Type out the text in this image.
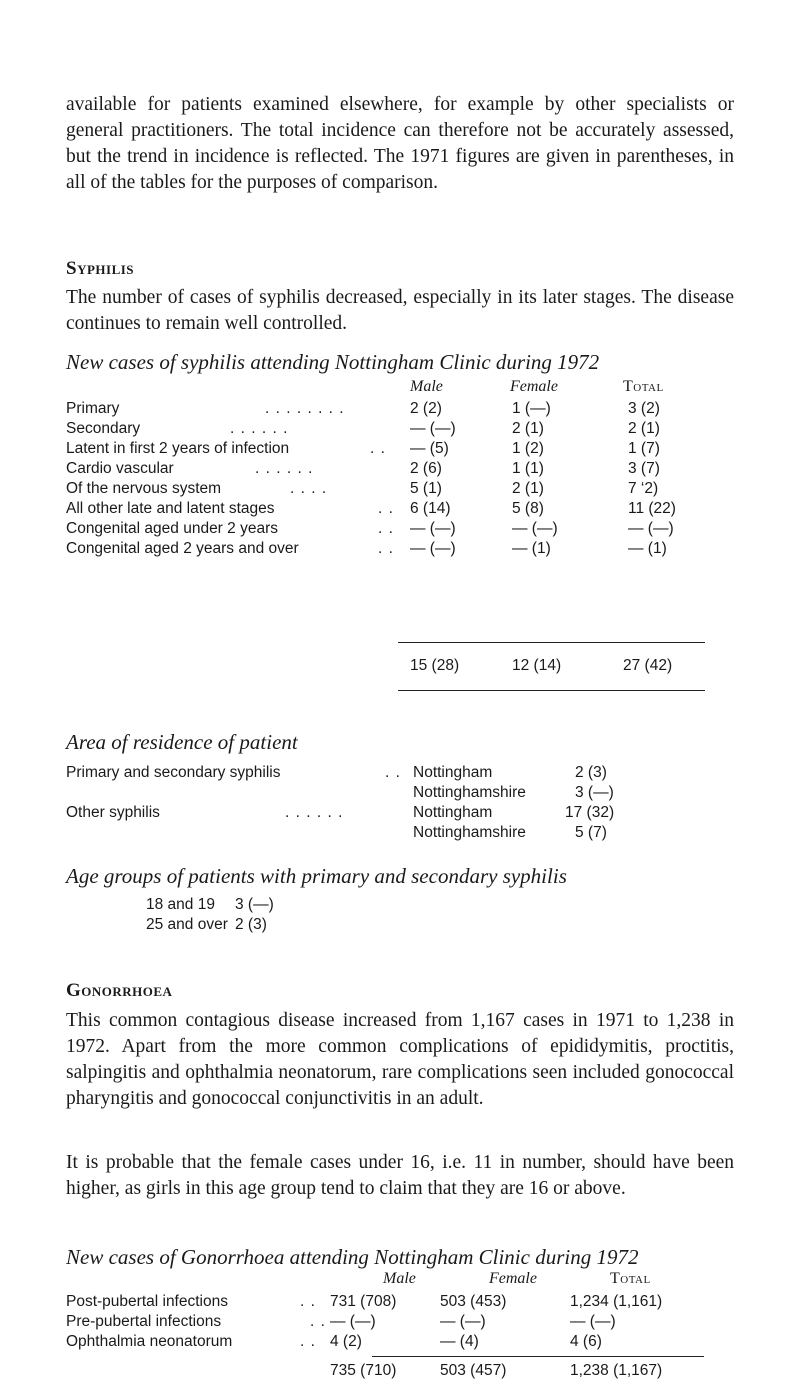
available for patients examined elsewhere, for example by other specialists or general practitioners. The total incidence can therefore not be accurately assessed, but the trend in incidence is reflected. The 1971 figures are given in parentheses, in all of the tables for the purposes of comparison.

Syphilis

The number of cases of syphilis decreased, especially in its later stages. The disease continues to remain well controlled.

New cases of syphilis attending Nottingham Clinic during 1972

Male	Female	Total
Primary	. . . . . . . .	2 (2)	1 (—)	3 (2)
Secondary	. . . . . .	— (—)	2 (1)	2 (1)
Latent in first 2 years of infection	. . — (5)	1 (2)	1 (7)
Cardio vascular	. . . . . .	2 (6)	1 (1)	3 (7)
Of the nervous system	. . . .	5 (1)	2 (1)	7 ‘2)
All other late and latent stages	. . 6 (14)	5 (8)	11 (22)
Congenital aged under 2 years	. . — (—)	— (—)	— (—)
Congenital aged 2 years and over	. . — (—)	— (1)	— (1)
15 (28)	12 (14)	27 (42)

Area of residence of patient

Primary and secondary syphilis	. . Nottingham	2 (3)
Nottinghamshire	3 (—)
Other syphilis	. . . . . .	Nottingham	17 (32)
Nottinghamshire	5 (7)

Age groups of patients with primary and secondary syphilis

18 and 19 3 (—)
25 and over 2 (3)
Gonorrhoea

This common contagious disease increased from 1,167 cases in 1971 to 1,238 in 1972. Apart from the more common complications of epididymitis, proctitis, salpingitis and ophthalmia neonatorum, rare complications seen included gonococcal pharyngitis and gonococcal conjunctivitis in an adult.

It is probable that the female cases under 16, i.e. 11 in number, should have been higher, as girls in this age group tend to claim that they are 16 or above.

New cases of Gonorrhoea attending Nottingham Clinic during 1972

Male	Female	Total
Post-pubertal infections	. . 731 (708)	503 (453)	1,234 (1,161)
Pre-pubertal infections	. . — (—)	— (—)	— (—)
Ophthalmia neonatorum	. . 4 (2)	— (4)	4 (6)
735 (710)	503 (457)	1,238 (1,167)
